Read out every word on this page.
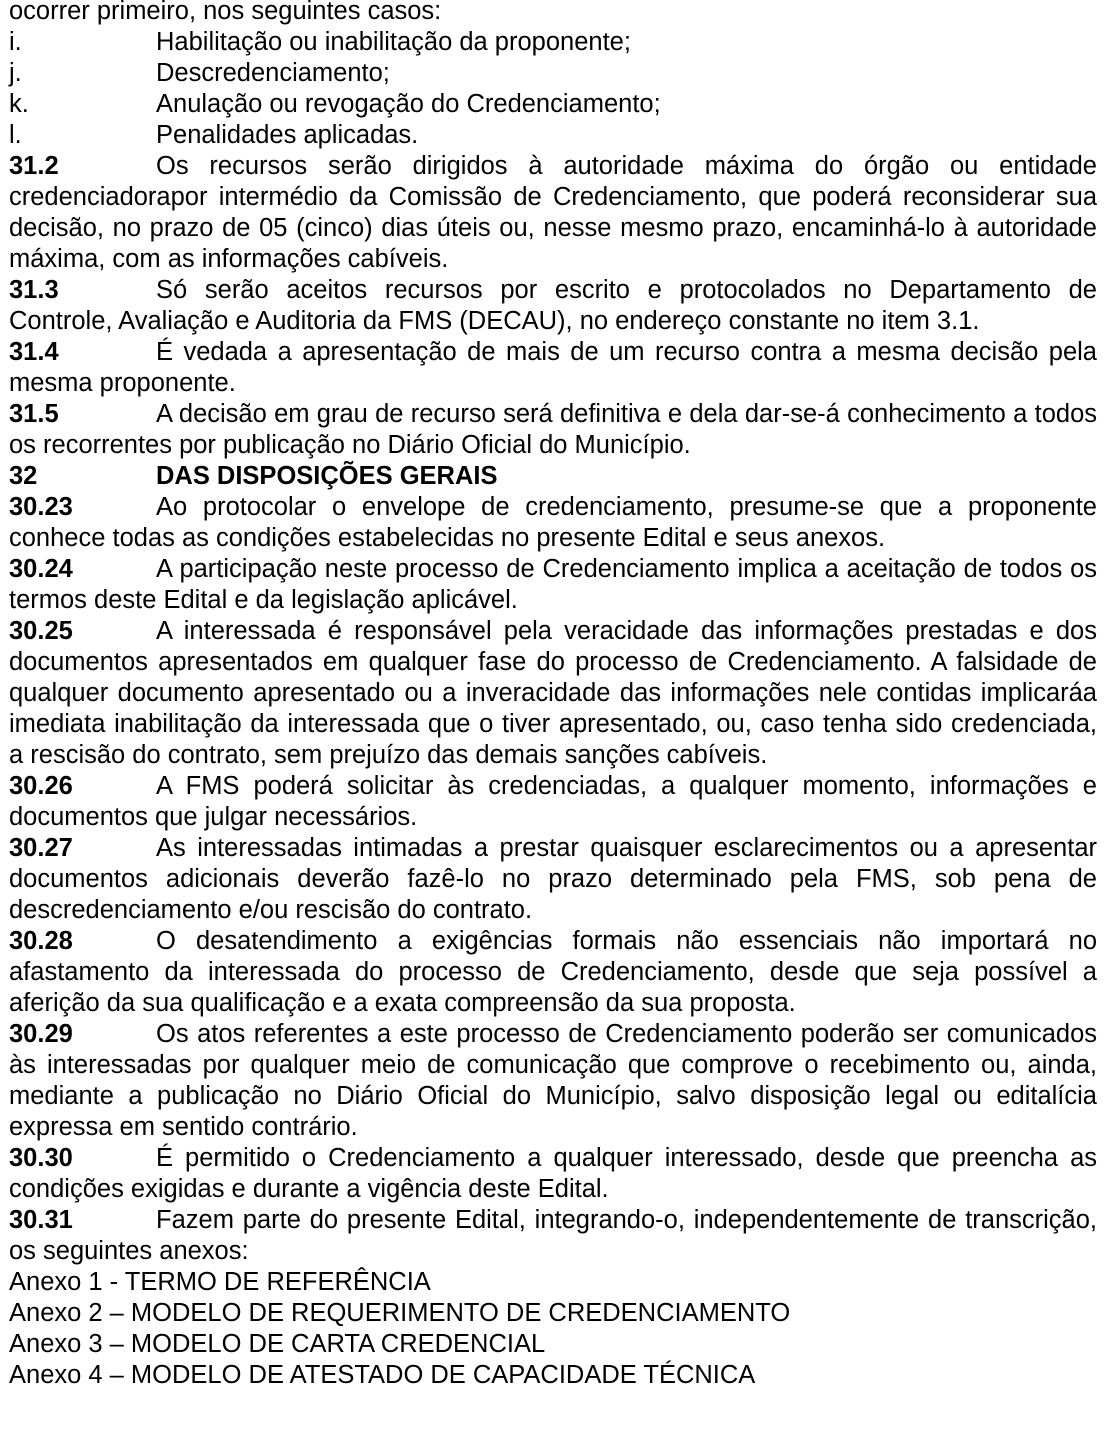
ocorrer primeiro, nos seguintes casos:
i.	Habilitação ou inabilitação da proponente;
j.	Descredenciamento;
k.	Anulação ou revogação do Credenciamento;
l.	Penalidades aplicadas.
31.2	Os recursos serão dirigidos à autoridade máxima do órgão ou entidade credenciadorapor intermédio da Comissão de Credenciamento, que poderá reconsiderar sua decisão, no prazo de 05 (cinco) dias úteis ou, nesse mesmo prazo, encaminhá-lo à autoridade máxima, com as informações cabíveis.
31.3	Só serão aceitos recursos por escrito e protocolados no Departamento de Controle, Avaliação e Auditoria da FMS (DECAU), no endereço constante no item 3.1.
31.4	É vedada a apresentação de mais de um recurso contra a mesma decisão pela mesma proponente.
31.5	A decisão em grau de recurso será definitiva e dela dar-se-á conhecimento a todos os recorrentes por publicação no Diário Oficial do Município.
32	DAS DISPOSIÇÕES GERAIS
30.23	Ao protocolar o envelope de credenciamento, presume-se que a proponente conhece todas as condições estabelecidas no presente Edital e seus anexos.
30.24	A participação neste processo de Credenciamento implica a aceitação de todos os termos deste Edital e da legislação aplicável.
30.25	A interessada é responsável pela veracidade das informações prestadas e dos documentos apresentados em qualquer fase do processo de Credenciamento. A falsidade de qualquer documento apresentado ou a inveracidade das informações nele contidas implicaráa imediata inabilitação da interessada que o tiver apresentado, ou, caso tenha sido credenciada, a rescisão do contrato, sem prejuízo das demais sanções cabíveis.
30.26	A FMS poderá solicitar às credenciadas, a qualquer momento, informações e documentos que julgar necessários.
30.27	As interessadas intimadas a prestar quaisquer esclarecimentos ou a apresentar documentos adicionais deverão fazê-lo no prazo determinado pela FMS, sob pena de descredenciamento e/ou rescisão do contrato.
30.28	O desatendimento a exigências formais não essenciais não importará no afastamento da interessada do processo de Credenciamento, desde que seja possível a aferição da sua qualificação e a exata compreensão da sua proposta.
30.29	Os atos referentes a este processo de Credenciamento poderão ser comunicados às interessadas por qualquer meio de comunicação que comprove o recebimento ou, ainda, mediante a publicação no Diário Oficial do Município, salvo disposição legal ou editalícia expressa em sentido contrário.
30.30	É permitido o Credenciamento a qualquer interessado, desde que preencha as condições exigidas e durante a vigência deste Edital.
30.31	Fazem parte do presente Edital, integrando-o, independentemente de transcrição, os seguintes anexos:
Anexo 1 - TERMO DE REFERÊNCIA
Anexo 2 – MODELO DE REQUERIMENTO DE CREDENCIAMENTO
Anexo 3 – MODELO DE CARTA CREDENCIAL
Anexo 4 – MODELO DE ATESTADO DE CAPACIDADE TÉCNICA
